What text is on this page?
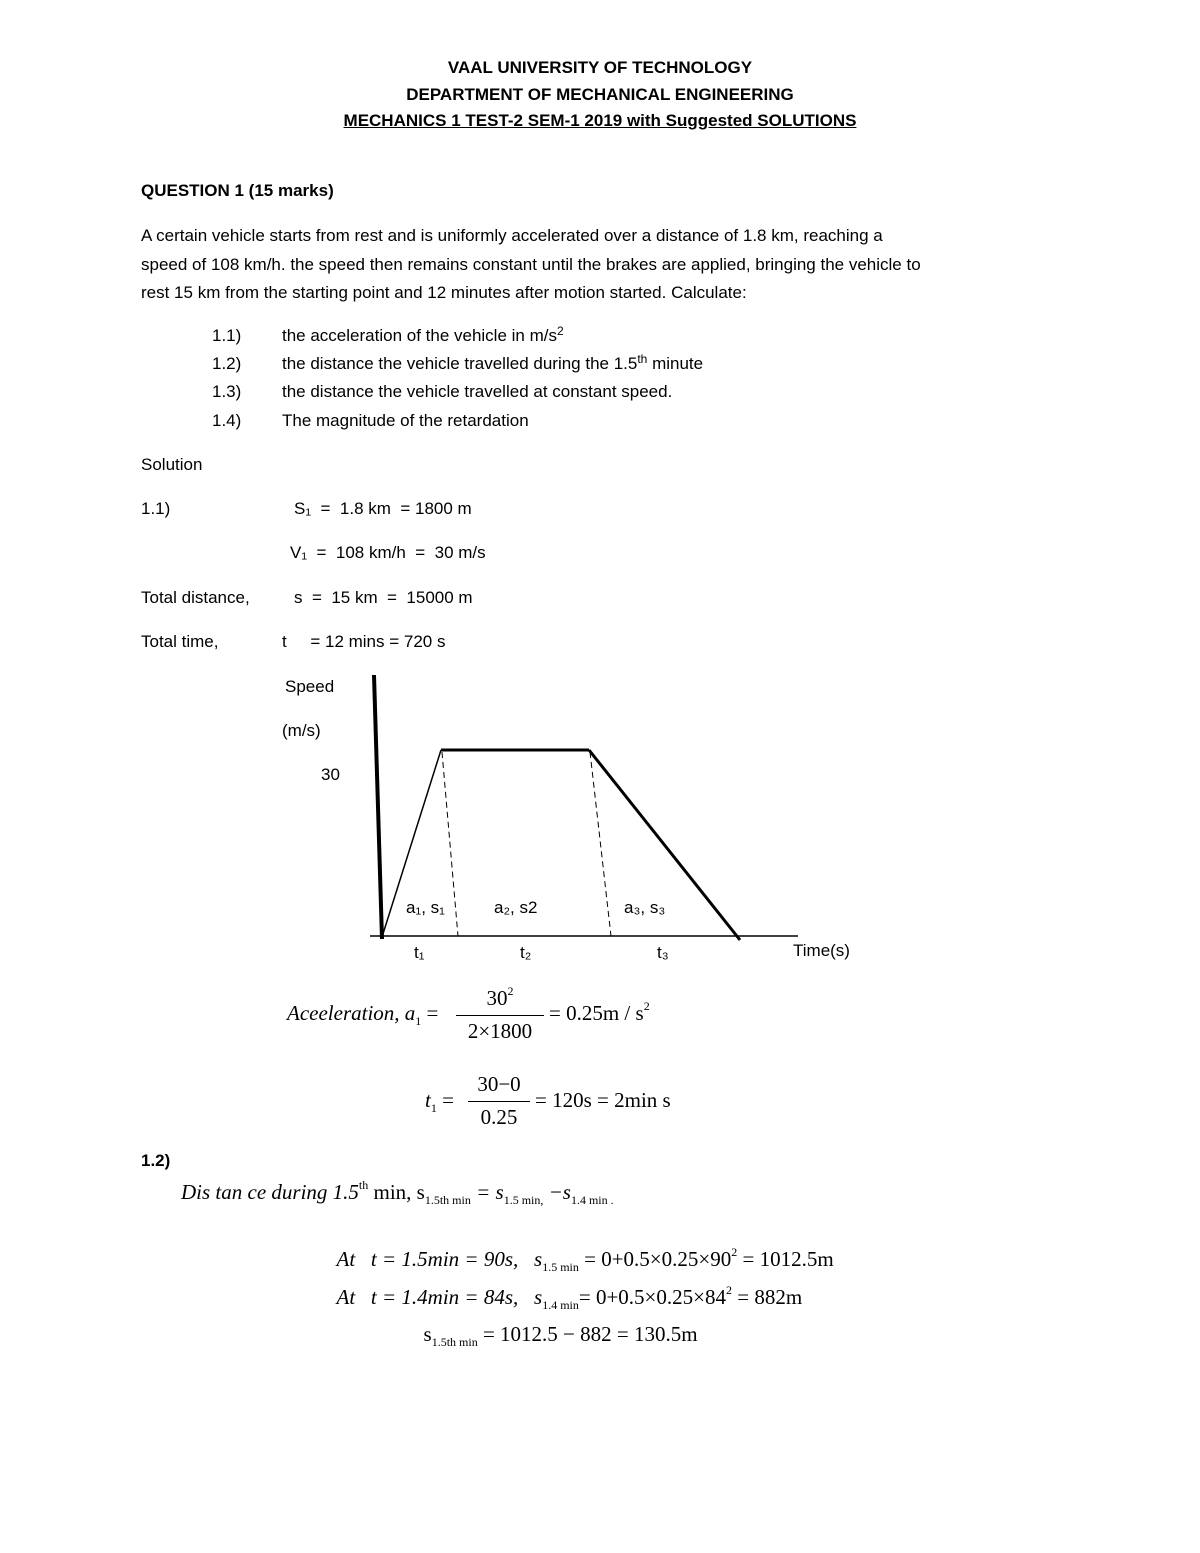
VAAL UNIVERSITY OF TECHNOLOGY
DEPARTMENT OF MECHANICAL ENGINEERING
MECHANICS 1 TEST-2 SEM-1 2019 with Suggested SOLUTIONS
QUESTION 1 (15 marks)
A certain vehicle starts from rest and is uniformly accelerated over a distance of 1.8 km, reaching a
speed of 108 km/h. the speed then remains constant until the brakes are applied, bringing the vehicle to
rest 15 km from the starting point and 12 minutes after motion started. Calculate:
1.1) the acceleration of the vehicle in $m/s^2$
1.2) the distance the vehicle travelled during the 1.5th minute
1.3) the distance the vehicle travelled at constant speed.
1.4) The magnitude of the retardation
Solution
1.1)	S₁  =  1.8 km  = 1800 m
V₁  =  108 km/h  =  30 m/s
Total distance,	s  =  15 km  =  15000 m
Total time,	t     = 12 mins = 720 s
Speed
(m/s)
30
a₁, s₁	a₂, s2	a₃, s₃
t₁	t₂	t₃	Time(s)
Aceeleration, $a_1 = \frac{30^2}{2\times 1800} = 0.25m / s^2$
$t_1 = \frac{30-0}{0.25} = 120s = 2\min$ s
1.2)
Dis tan ce during 1.5th min, $s_{1.5th min} = s_{1.5 min,} -s_{1.4 min .}$

At   t = 1.5min = 90s,   $s_{1.5 min} = 0+0.5\times 0.25\times 90^2 = 1012.5m$

At   t = 1.4min = 84s,   $s_{1.4 min}= 0+0.5\times 0.25\times 84^2 = 882m$

$s_{1.5th min} = 1012.5 - 882 = 130.5m$
